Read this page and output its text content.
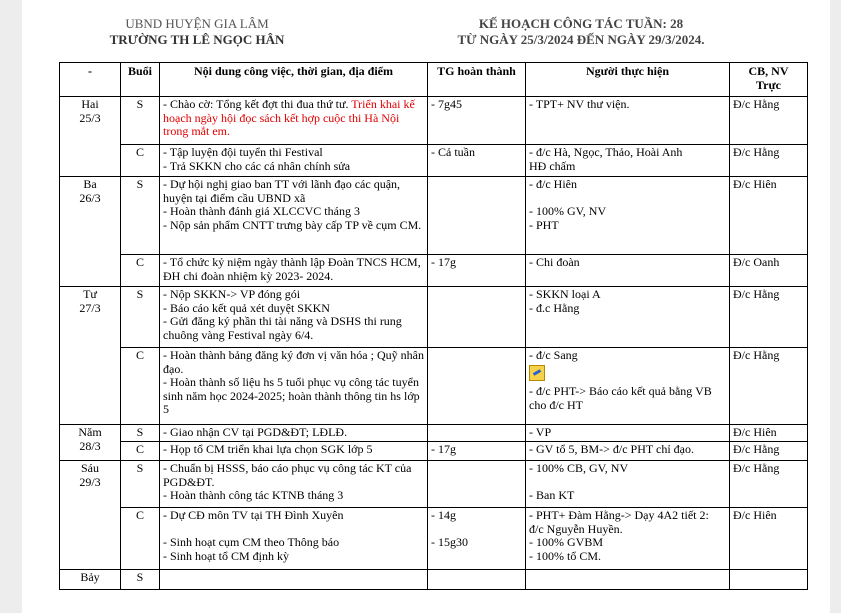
UBND HUYỆN GIA LÂM
TRƯỜNG TH LÊ NGỌC HÂN
KẾ HOẠCH CÔNG TÁC TUẦN: 28
TỪ NGÀY 25/3/2024 ĐẾN NGÀY 29/3/2024.
-	Buổi	Nội dung công việc, thời gian, địa điểm	TG hoàn thành	Người thực hiện	CB, NV
Trực

Hai
25/3	S	- Chào cờ: Tổng kết đợt thi đua thứ tư. Triển khai kế hoạch ngày hội đọc sách kết hợp cuộc thi Hà Nội trong mắt em.	- 7g45	- TPT+ NV thư viện.	Đ/c Hằng
	C	- Tập luyện đội tuyển thi Festival
- Trả SKKN cho các cá nhân chính sửa	- Cả tuần	- đ/c Hà, Ngọc, Thảo, Hoài Anh
HĐ chấm	Đ/c Hằng

Ba
26/3	S	- Dự hội nghị giao ban TT với lãnh đạo các quận, huyện tại điểm cầu UBND xã
- Hoàn thành đánh giá XLCCVC tháng 3
- Nộp sản phẩm CNTT trưng bày cấp TP về cụm CM.		- đ/c Hiên
- 100% GV, NV
- PHT	Đ/c Hiên
	C	- Tổ chức kỷ niệm ngày thành lập Đoàn TNCS HCM, ĐH chi đoàn nhiệm kỳ 2023- 2024.	- 17g	- Chi đoàn	Đ/c Oanh

Tư
27/3	S	- Nộp SKKN-> VP đóng gói
- Báo cáo kết quả xét duyệt SKKN
- Gửi đăng ký phần thi tài năng và DSHS thi rung chuông vàng Festival ngày 6/4.		- SKKN loại A
- đ.c Hằng	Đ/c Hằng
	C	- Hoàn thành bảng đăng ký đơn vị văn hóa ; Quỹ nhân đạo.
- Hoàn thành số liệu hs 5 tuổi phục vụ công tác tuyển sinh năm học 2024-2025; hoàn thành thông tin hs lớp 5		- đ/c Sang
- đ/c PHT-> Báo cáo kết quả bằng VB cho đ/c HT	Đ/c Hằng

Năm
28/3	S	- Giao nhận CV tại PGD&ĐT; LĐLĐ.		- VP	Đ/c Hiên
	C	- Họp tổ CM triển khai lựa chọn SGK lớp 5	- 17g	- GV tổ 5, BM-> đ/c PHT chỉ đạo.	Đ/c Hằng

Sáu
29/3	S	- Chuẩn bị HSSS, báo cáo phục vụ công tác KT của PGD&ĐT.
- Hoàn thành công tác KTNB tháng 3		- 100% CB, GV, NV
- Ban KT	Đ/c Hằng
	C	- Dự CĐ môn TV tại TH Đình Xuyên
- Sinh hoạt cụm CM theo Thông báo
- Sinh hoạt tổ CM định kỳ	- 14g
- 15g30	- PHT+ Đàm Hằng-> Dạy 4A2 tiết 2: đ/c Nguyễn Huyền.
- 100% GVBM
- 100% tổ CM.	Đ/c Hiên
Bảy	S				
